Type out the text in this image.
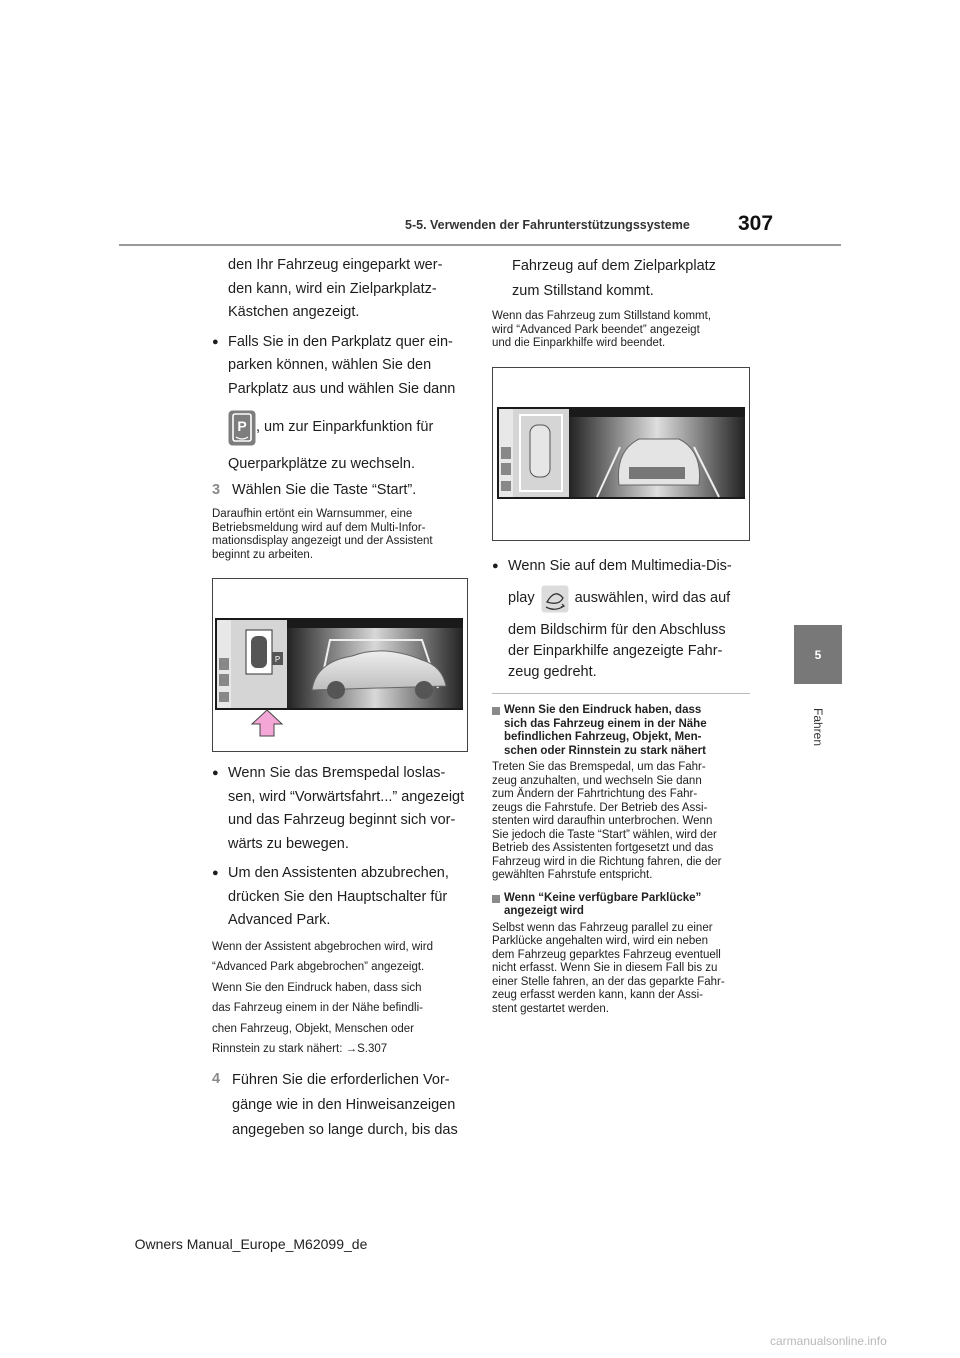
5-5. Verwenden der Fahrunterstützungssysteme 307
5
Fahren

den Ihr Fahrzeug eingeparkt wer-
den kann, wird ein Zielparkplatz-
Kästchen angezeigt.

● Falls Sie in den Parkplatz quer ein-
parken können, wählen Sie den
Parkplatz aus und wählen Sie dann

P , um zur Einparkfunktion für

Querparkplätze zu wechseln.

3 Wählen Sie die Taste “Start”.

Daraufhin ertönt ein Warnsummer, eine
Betriebsmeldung wird auf dem Multi-Infor-
mationsdisplay angezeigt und der Assistent
beginnt zu arbeiten.

P
● Wenn Sie das Bremspedal loslas-
sen, wird “Vorwärtsfahrt...” angezeigt
und das Fahrzeug beginnt sich vor-
wärts zu bewegen.
● Um den Assistenten abzubrechen,
drücken Sie den Hauptschalter für
Advanced Park.

Wenn der Assistent abgebrochen wird, wird
“Advanced Park abgebrochen” angezeigt.
Wenn Sie den Eindruck haben, dass sich
das Fahrzeug einem in der Nähe befindli-
chen Fahrzeug, Objekt, Menschen oder
Rinnstein zu stark nähert: →S.307

4 Führen Sie die erforderlichen Vor-
gänge wie in den Hinweisanzeigen
angegeben so lange durch, bis das

Fahrzeug auf dem Zielparkplatz
zum Stillstand kommt.

Wenn das Fahrzeug zum Stillstand kommt,
wird “Advanced Park beendet” angezeigt
und die Einparkhilfe wird beendet.

● Wenn Sie auf dem Multimedia-Dis-

play	auswählen, wird das auf

dem Bildschirm für den Abschluss
der Einparkhilfe angezeigte Fahr-
zeug gedreht.

Wenn Sie den Eindruck haben, dass
sich das Fahrzeug einem in der Nähe
befindlichen Fahrzeug, Objekt, Men-
schen oder Rinnstein zu stark nähert

Treten Sie das Bremspedal, um das Fahr-
zeug anzuhalten, und wechseln Sie dann
zum Ändern der Fahrtrichtung des Fahr-
zeugs die Fahrstufe. Der Betrieb des Assi-
stenten wird daraufhin unterbrochen. Wenn
Sie jedoch die Taste “Start” wählen, wird der
Betrieb des Assistenten fortgesetzt und das
Fahrzeug wird in die Richtung fahren, die der
gewählten Fahrstufe entspricht.

Wenn “Keine verfügbare Parklücke”
angezeigt wird

Selbst wenn das Fahrzeug parallel zu einer
Parklücke angehalten wird, wird ein neben
dem Fahrzeug geparktes Fahrzeug eventuell
nicht erfasst. Wenn Sie in diesem Fall bis zu
einer Stelle fahren, an der das geparkte Fahr-
zeug erfasst werden kann, kann der Assi-
stent gestartet werden.

Owners Manual_Europe_M62099_de
carmanualsonline.info
